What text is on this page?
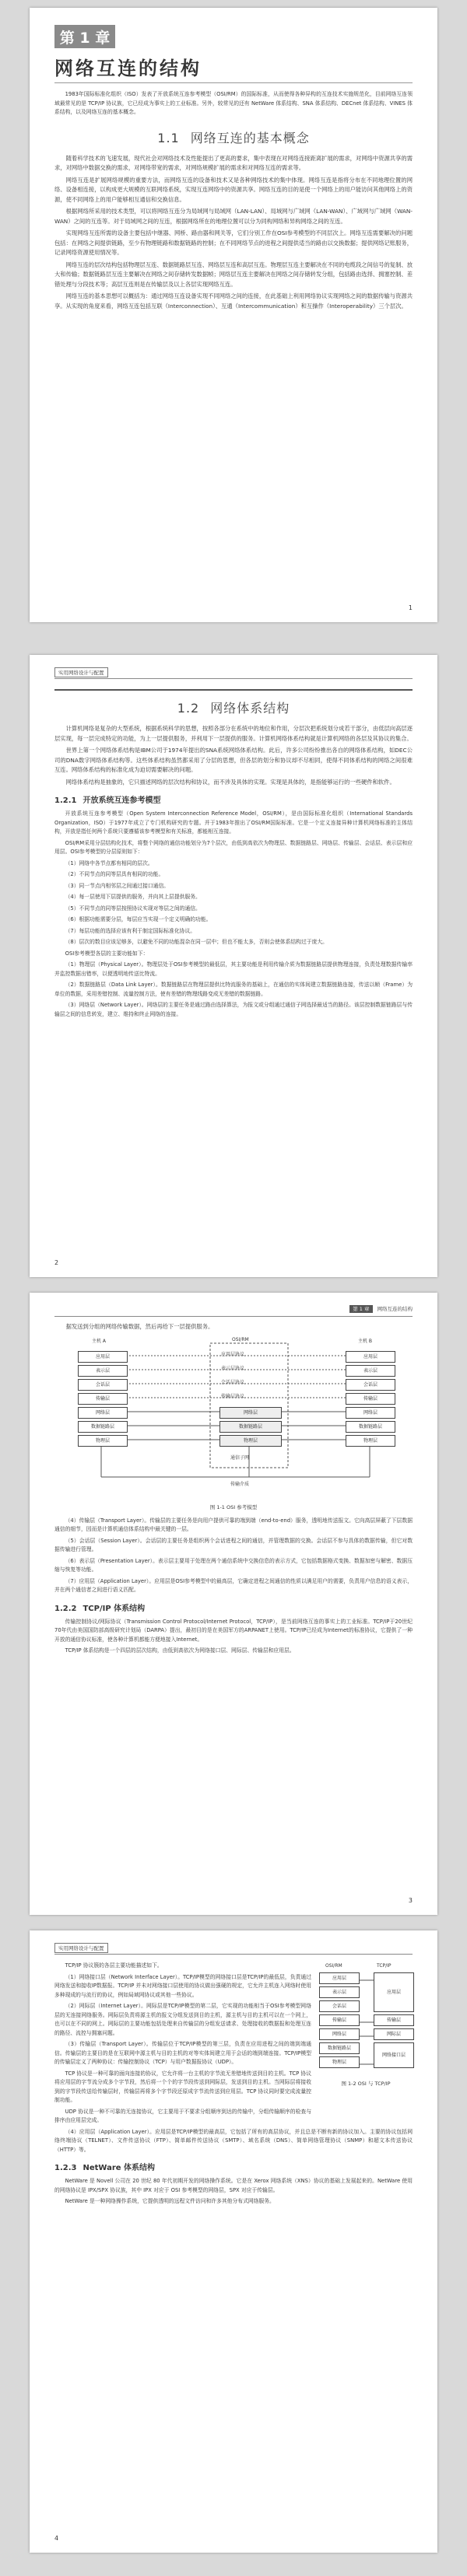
第 1 章
网络互连的结构

1983年国际标准化组织（ISO）发表了开放系统互连参考模型（OSI/RM）的国际标准，从而使得各种异构的互连技术实施规范化，目前网络互连领域最常见的是 TCP/IP 协议族，它已经成为事实上的工业标准。另外，较常见的还有 NetWare 体系结构、SNA 体系结构、DECnet 体系结构、VINES 体系结构，以及网络互连的基本概念。

1.1 网络互连的基本概念

随着科学技术的飞速发展，现代社会对网络技术及性能提出了更高的要求，集中表现在对网络连接距离扩展的需求，对网络中资源共享的需求，对网络中数据交换的需求，对网络带宽的需求，对网络规模扩展的需求和对网络互连的需求等。

网络互连是扩展网络规模的重要方法，而网络互连的设备和技术又是各种网络技术的集中体现。网络互连是指将分布在不同地理位置的网络、设备相连接，以构成更大规模的互联网络系统，实现互连网络中的资源共享。网络互连的目的是使一个网络上的用户能访问其他网络上的资源，使不同网络上的用户能够相互通信和交换信息。

根据网络所采用的技术类型，可以将网络互连分为局域网与局域网（LAN-LAN）、局域网与广域网（LAN-WAN）、广域网与广域网（WAN-WAN）之间的互连等。对于局域网之间的互连，根据网络所在的地理位置可以分为同构网络和异构网络之间的互连。

实现网络互连所需的设备主要包括中继器、网桥、路由器和网关等，它们分别工作在OSI参考模型的不同层次上。网络互连需要解决的问题包括：在网络之间提供链路，至少有物理链路和数据链路的控制；在不同网络节点的进程之间提供适当的路由以交换数据；提供网络记账服务，记录网络资源使用情况等。

网络互连的层次结构包括物理层互连、数据链路层互连、网络层互连和高层互连。物理层互连主要解决在不同的电缆段之间信号的复制、放大和传输；数据链路层互连主要解决在网络之间存储转发数据帧；网络层互连主要解决在网络之间存储转发分组，包括路由选择、拥塞控制、差错处理与分段技术等；高层互连则是在传输层及以上各层实现网络互连。

网络互连的基本思想可以概括为：通过网络互连设备实现不同网络之间的连接，在此基础上利用网络协议实现网络之间的数据传输与资源共享。从实现的角度来看，网络互连包括互联（Interconnection）、互通（Intercommunication）和互操作（Interoperability）三个层次。

1
实用网络设计与配置
1.2 网络体系结构

计算机网络是复杂的大型系统，根据系统科学的思想，按照各部分在系统中的地位和作用，分层次把系统划分成若干部分，由低层向高层逐层实现，每一层完成特定的功能，为上一层提供服务，并利用下一层提供的服务。计算机网络体系结构就是计算机网络的各层及其协议的集合。

世界上第一个网络体系结构是IBM公司于1974年提出的SNA系统网络体系结构。此后，许多公司纷纷推出各自的网络体系结构，如DEC公司的DNA数字网络体系结构等。这些体系结构虽然都采用了分层的思想，但各层的划分和协议却不尽相同，使得不同体系结构的网络之间很难互连。网络体系结构的标准化成为迫切需要解决的问题。

网络体系结构是抽象的，它只描述网络的层次结构和协议，而不涉及具体的实现。实现是具体的，是指能够运行的一些硬件和软件。

1.2.1 开放系统互连参考模型

开放系统互连参考模型（Open System Interconnection Reference Model，OSI/RM），是由国际标准化组织（International Standards Organization，ISO）于1977年成立了专门机构研究的专题。并于1983年推出了OSI/RM国际标准。它是一个定义连接异种计算机网络标准的主体结构，开放是指任何两个系统只要遵循该参考模型和有关标准，都能相互连接。

OSI/RM采用分层结构化技术，将整个网络的通信功能划分为7个层次，由低到高依次为物理层、数据链路层、网络层、传输层、会话层、表示层和应用层。OSI参考模型的分层原则如下：

（1）网络中各节点都有相同的层次。

（2）不同节点的同等层具有相同的功能。

（3）同一节点内相邻层之间通过接口通信。

（4）每一层使用下层提供的服务，并向其上层提供服务。

（5）不同节点的同等层按照协议实现对等层之间的通信。

（6）根据功能需要分层，每层应当实现一个定义明确的功能。

（7）每层功能的选择应该有利于制定国际标准化协议。

（8）层次的数目应该足够多，以避免不同的功能混杂在同一层中；但也不能太多，否则会使体系结构过于庞大。

OSI参考模型各层的主要功能如下：

（1）物理层（Physical Layer）。物理层处于OSI参考模型的最低层，其主要功能是利用传输介质为数据链路层提供物理连接，负责处理数据传输率并监控数据出错率，以便透明地传送比特流。

（2）数据链路层（Data Link Layer）。数据链路层在物理层提供比特流服务的基础上，在通信的实体间建立数据链路连接，传送以帧（Frame）为单位的数据，采用差错控制、流量控制方法，使有差错的物理线路变成无差错的数据链路。

（3）网络层（Network Layer）。网络层的主要任务是通过路由选择算法，为报文或分组通过通信子网选择最适当的路径。该层控制数据链路层与传输层之间的信息转发，建立、维持和终止网络的连接。

2
第 1 章 网络互连的结构

据发送到分组的网络传输数据，然后再给下一层提供服务。

主机 A	OSI/RM	主机 B
应用层
表示层
会话层
传输层
网络层
数据链路层
物理层
网络层
数据链路层
物理层
通信子网
应用层协议
表示层协议
会话层协议
传输层协议
应用层
表示层
会话层
传输层
网络层
数据链路层
物理层
传输介质
图 1-1 OSI 参考模型

（4）传输层（Transport Layer）。传输层的主要任务是向用户提供可靠的端到端（end-to-end）服务，透明地传送报文。它向高层屏蔽了下层数据通信的细节，因而是计算机通信体系结构中最关键的一层。

（5）会话层（Session Layer）。会话层的主要任务是组织两个会话进程之间的通信，并管理数据的交换。会话层不参与具体的数据传输，但它对数据传输进行管理。

（6）表示层（Presentation Layer）。表示层主要用于处理在两个通信系统中交换信息的表示方式，它包括数据格式变换、数据加密与解密、数据压缩与恢复等功能。

（7）应用层（Application Layer）。应用层是OSI参考模型中的最高层，它确定进程之间通信的性质以满足用户的需要，负责用户信息的语义表示，并在两个通信者之间进行语义匹配。

1.2.2 TCP/IP 体系结构

传输控制协议/网际协议（Transmission Control Protocol/Internet Protocol，TCP/IP），是当前网络互连的事实上的工业标准。TCP/IP于20世纪70年代由美国国防部高级研究计划局（DARPA）提出，最初目的是在美国军方的ARPANET上使用。TCP/IP已经成为Internet的标准协议，它提供了一种开放的通信协议标准，使各种计算机都能方便地接入Internet。

TCP/IP 体系结构是一个四层的层次结构，由低到高依次为网络接口层、网际层、传输层和应用层。

3
实用网络设计与配置
OSI/RM	TCP/IP
应用层
表示层
会话层
传输层
网络层
数据链路层
物理层
应用层
传输层
网际层
网络接口层
图 1-2 OSI 与 TCP/IP

TCP/IP 协议簇的各层主要功能描述如下。

（1）网络接口层（Network Interface Layer）。TCP/IP模型的网络接口层是TCP/IP的最低层，负责通过网络发送和接收IP数据报。TCP/IP 并未对网络接口层使用的协议做出强硬的规定，它允许主机连入网络时使用多种现成的与流行的协议，例如局域网协议或其他一些协议。

（2）网际层（Internet Layer）。网际层是TCP/IP模型的第二层，它实现的功能相当于OSI参考模型网络层的无连接网络服务。网际层负责将源主机的报文分组发送到目的主机，源主机与目的主机可以在一个网上，也可以在不同的网上。网际层的主要功能包括处理来自传输层的分组发送请求、处理接收的数据报和处理互连的路径、流控与拥塞问题。

（3）传输层（Transport Layer）。传输层位于TCP/IP模型的第三层，负责在应用进程之间的端到端通信。传输层的主要目的是在互联网中源主机与目的主机的对等实体间建立用于会话的端到端连接。TCP/IP模型的传输层定义了两种协议：传输控制协议（TCP）与用户数据报协议（UDP）。

TCP 协议是一种可靠的面向连接的协议，它允许将一台主机的字节流无差错地传送到目的主机。TCP 协议将应用层的字节流分成多个字节段，然后将一个个的字节段传送到网际层，发送到目的主机。当网际层将接收到的字节段传送给传输层时，传输层再将多个字节段还原成字节流传送到应用层。TCP 协议同时要完成流量控制功能。

UDP 协议是一种不可靠的无连接协议，它主要用于不要求分组顺序到达的传输中，分组传输顺序的检查与排序由应用层完成。

（4）应用层（Application Layer）。应用层是TCP/IP模型的最高层，它包括了所有的高层协议，并且总是不断有新的协议加入。主要的协议包括网络终端协议（TELNET）、文件传送协议（FTP）、简单邮件传送协议（SMTP）、域名系统（DNS）、简单网络管理协议（SNMP）和超文本传送协议（HTTP）等。

1.2.3 NetWare 体系结构

NetWare 是 Novell 公司在 20 世纪 80 年代初期开发的网络操作系统。它是在 Xerox 网络系统（XNS）协议的基础上发展起来的。NetWare 使用的网络协议是 IPX/SPX 协议族，其中 IPX 对应于 OSI 参考模型的网络层，SPX 对应于传输层。

NetWare 是一种网络操作系统，它提供透明的远程文件访问和许多其他分布式网络服务。

4
